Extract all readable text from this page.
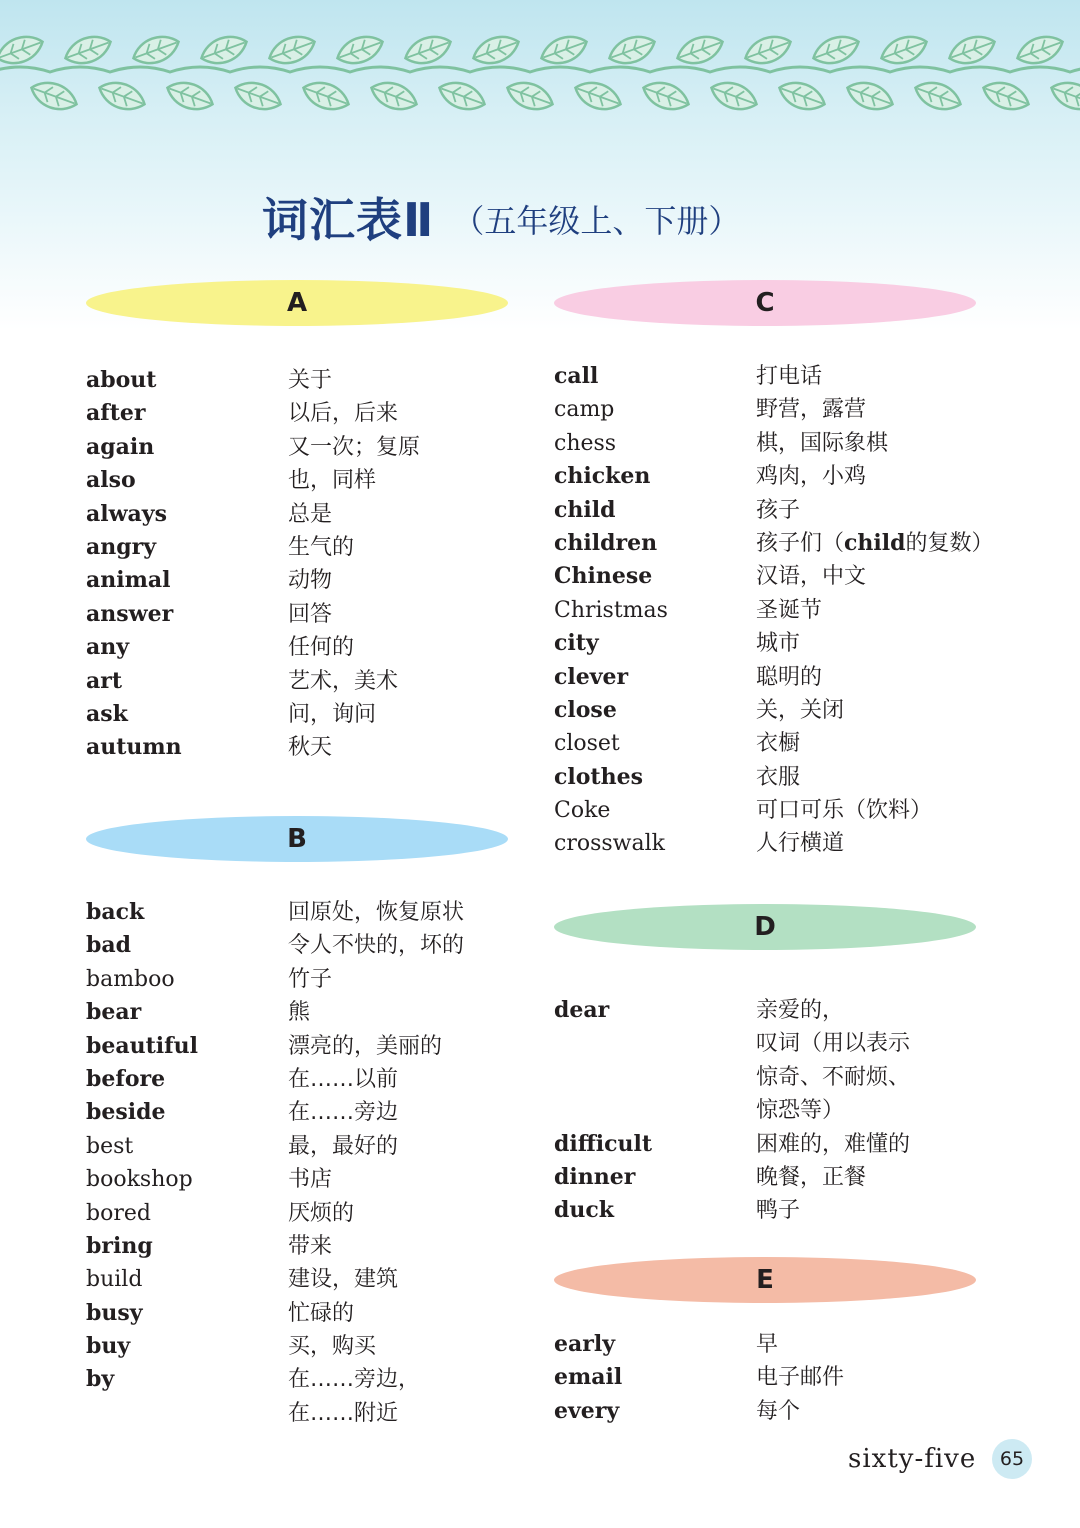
词汇表Ⅱ （五年级上、下册）
A
about	关于
after	以后，后来
again	又一次；复原
also	也，同样
always	总是
angry	生气的
animal	动物
answer	回答
any	任何的
art	艺术，美术
ask	问，询问
autumn	秋天
B
back	回原处，恢复原状
bad	令人不快的，坏的
bamboo	竹子
bear	熊
beautiful	漂亮的，美丽的
before	在……以前
beside	在……旁边
best	最，最好的
bookshop	书店
bored	厌烦的
bring	带来
build	建设，建筑
busy	忙碌的
buy	买，购买
by	在……旁边，
在……附近
C
call	打电话
camp	野营，露营
chess	棋，国际象棋
chicken	鸡肉，小鸡
child	孩子
children	孩子们（child的复数）
Chinese	汉语，中文
Christmas	圣诞节
city	城市
clever	聪明的
close	关，关闭
closet	衣橱
clothes	衣服
Coke	可口可乐（饮料）
crosswalk	人行横道
D
dear	亲爱的，
叹词（用以表示
惊奇、不耐烦、
惊恐等）
difficult	困难的，难懂的
dinner	晚餐，正餐
duck	鸭子
E
early	早
email	电子邮件
every	每个
sixty-five	65
